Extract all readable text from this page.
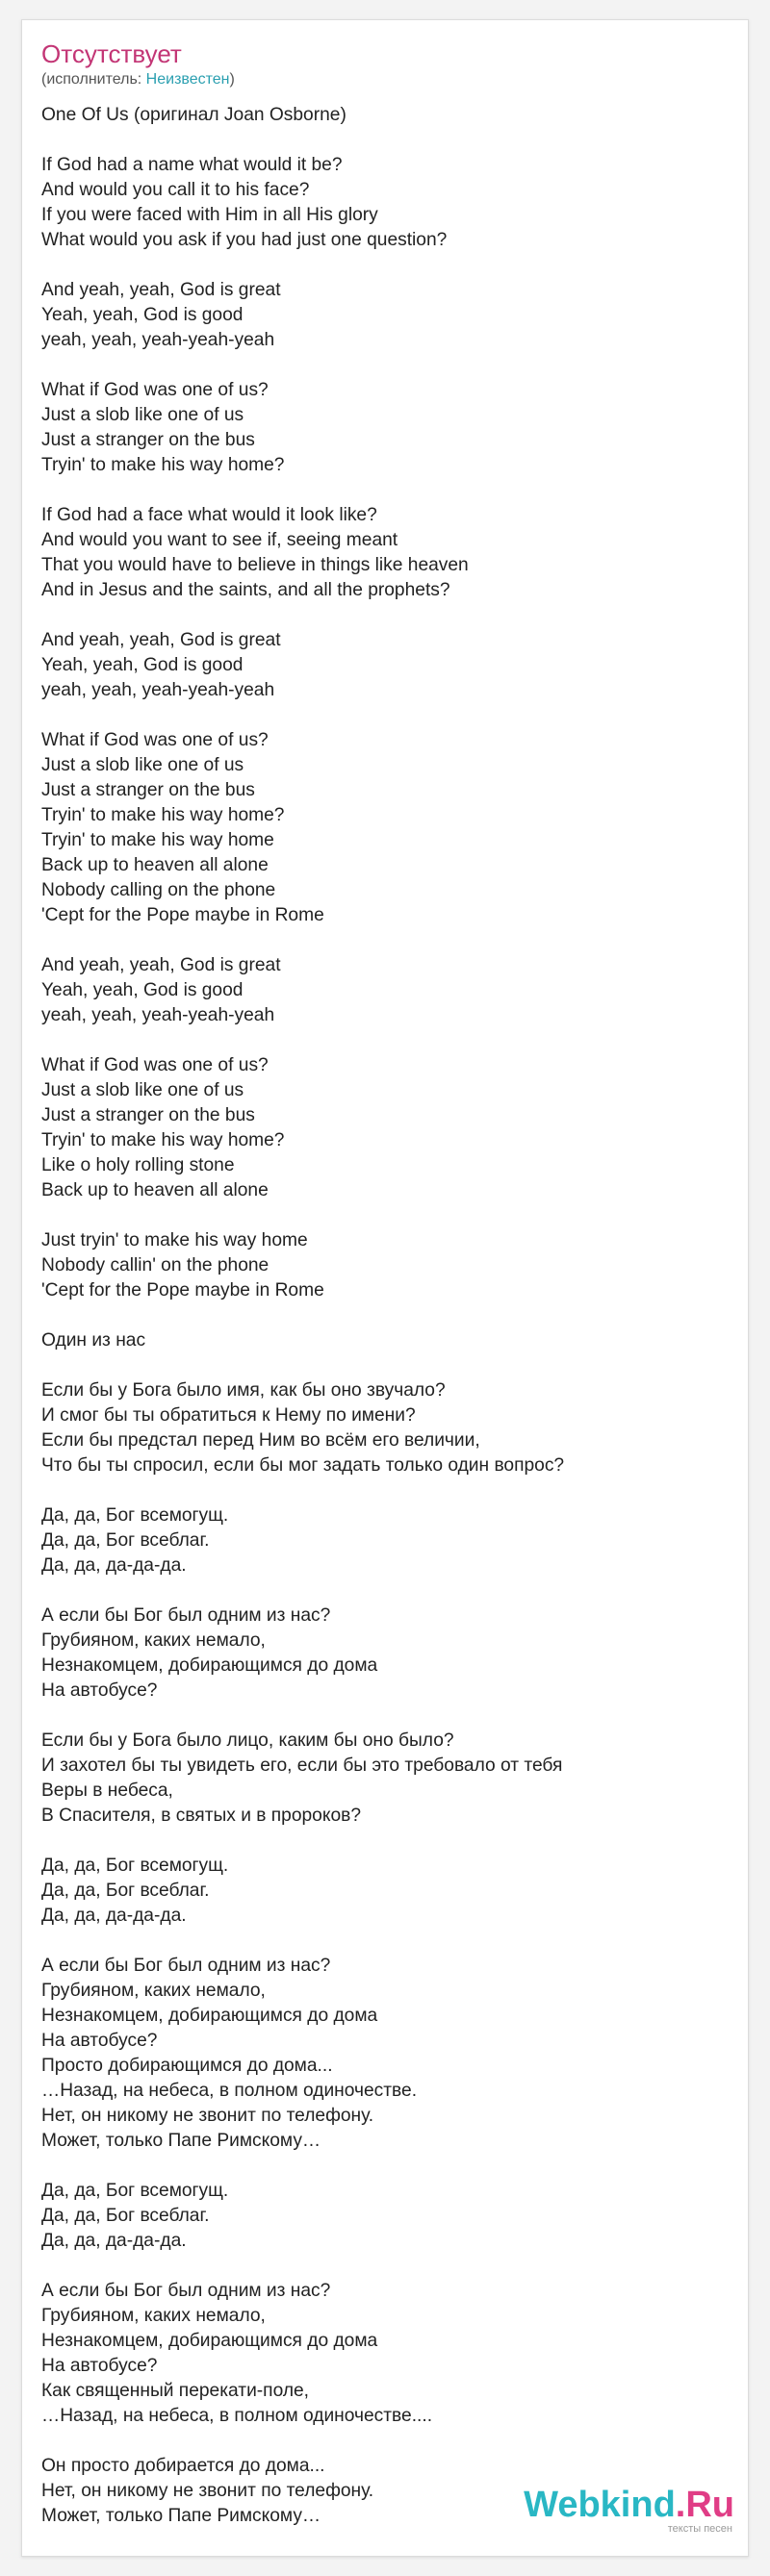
Отсутствует
(исполнитель: Неизвестен)
One Of Us (оригинал Joan Osborne)
If God had a name what would it be?
And would you call it to his face?
If you were faced with Him in all His glory
What would you ask if you had just one question?
And yeah, yeah, God is great
Yeah, yeah, God is good
yeah, yeah, yeah-yeah-yeah
What if God was one of us?
Just a slob like one of us
Just a stranger on the bus
Tryin' to make his way home?
If God had a face what would it look like?
And would you want to see if, seeing meant
That you would have to believe in things like heaven
And in Jesus and the saints, and all the prophets?
And yeah, yeah, God is great
Yeah, yeah, God is good
yeah, yeah, yeah-yeah-yeah
What if God was one of us?
Just a slob like one of us
Just a stranger on the bus
Tryin' to make his way home?
Tryin' to make his way home
Back up to heaven all alone
Nobody calling on the phone
'Cept for the Pope maybe in Rome
And yeah, yeah, God is great
Yeah, yeah, God is good
yeah, yeah, yeah-yeah-yeah
What if God was one of us?
Just a slob like one of us
Just a stranger on the bus
Tryin' to make his way home?
Like o holy rolling stone
Back up to heaven all alone
Just tryin' to make his way home
Nobody callin' on the phone
'Cept for the Pope maybe in Rome
Один из нас
Если бы у Бога было имя, как бы оно звучало?
И смог бы ты обратиться к Нему по имени?
Если бы предстал перед Ним во всём его величии,
Что бы ты спросил, если бы мог задать только один вопрос?
Да, да, Бог всемогущ.
Да, да, Бог всеблаг.
Да, да, да-да-да.
А если бы Бог был одним из нас?
Грубияном, каких немало,
Незнакомцем, добирающимся до дома
На автобусе?
Если бы у Бога было лицо, каким бы оно было?
И захотел бы ты увидеть его, если бы это требовало от тебя
Веры в небеса,
В Спасителя, в святых и в пророков?
Да, да, Бог всемогущ.
Да, да, Бог всеблаг.
Да, да, да-да-да.
А если бы Бог был одним из нас?
Грубияном, каких немало,
Незнакомцем, добирающимся до дома
На автобусе?
Просто добирающимся до дома...
…Назад, на небеса, в полном одиночестве.
Нет, он никому не звонит по телефону.
Может, только Папе Римскому…
Да, да, Бог всемогущ.
Да, да, Бог всеблаг.
Да, да, да-да-да.
А если бы Бог был одним из нас?
Грубияном, каких немало,
Незнакомцем, добирающимся до дома
На автобусе?
Как священный перекати-поле,
…Назад, на небеса, в полном одиночестве....
Он просто добирается до дома...
Нет, он никому не звонит по телефону.
Может, только Папе Римскому…	Webkind.Ru
тексты песен
